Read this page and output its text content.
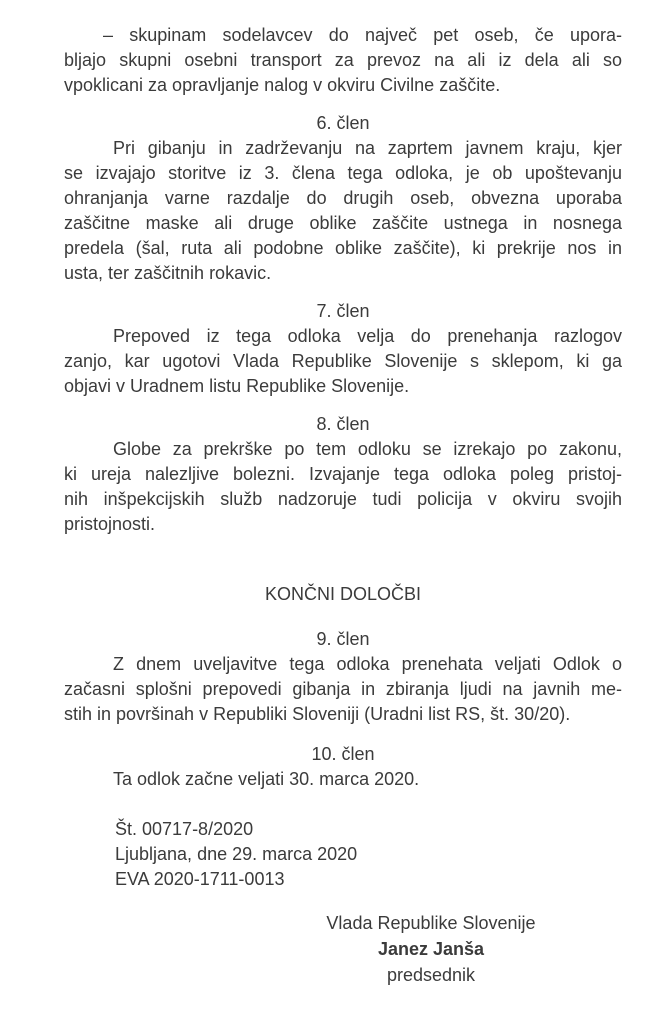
– skupinam sodelavcev do največ pet oseb, če upora-
bljajo skupni osebni transport za prevoz na ali iz dela ali so
vpoklicani za opravljanje nalog v okviru Civilne zaščite.
6. člen
Pri gibanju in zadrževanju na zaprtem javnem kraju, kjer
se izvajajo storitve iz 3. člena tega odloka, je ob upoštevanju
ohranjanja varne razdalje do drugih oseb, obvezna uporaba
zaščitne maske ali druge oblike zaščite ustnega in nosnega
predela (šal, ruta ali podobne oblike zaščite), ki prekrije nos in
usta, ter zaščitnih rokavic.
7. člen
Prepoved iz tega odloka velja do prenehanja razlogov
zanjo, kar ugotovi Vlada Republike Slovenije s sklepom, ki ga
objavi v Uradnem listu Republike Slovenije.
8. člen
Globe za prekrške po tem odloku se izrekajo po zakonu,
ki ureja nalezljive bolezni. Izvajanje tega odloka poleg pristoj-
nih inšpekcijskih služb nadzoruje tudi policija v okviru svojih
pristojnosti.
KONČNI DOLOČBI
9. člen
Z dnem uveljavitve tega odloka prenehata veljati Odlok o
začasni splošni prepovedi gibanja in zbiranja ljudi na javnih me-
stih in površinah v Republiki Sloveniji (Uradni list RS, št. 30/20).
10. člen
Ta odlok začne veljati 30. marca 2020.
Št. 00717-8/2020
Ljubljana, dne 29. marca 2020
EVA 2020-1711-0013
Vlada Republike Slovenije
Janez Janša
predsednik
